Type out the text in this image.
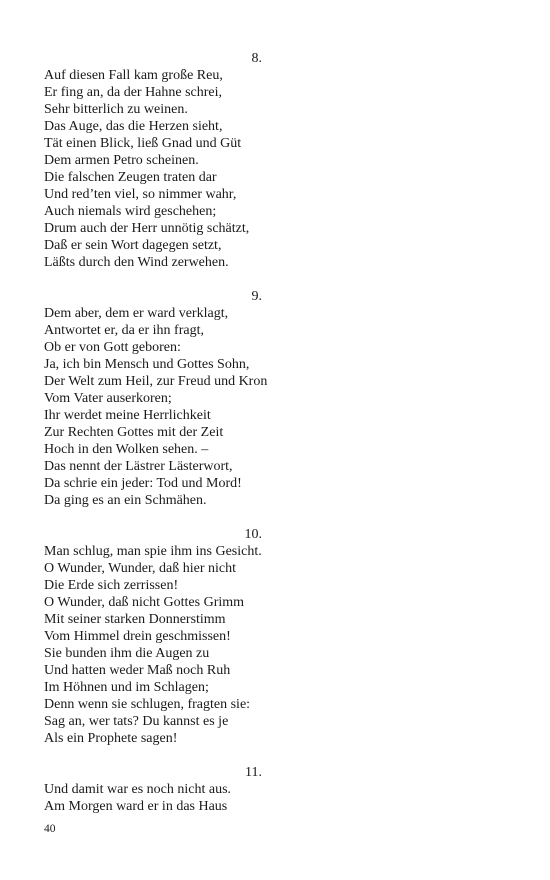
8.
Auf diesen Fall kam große Reu,
Er fing an, da der Hahne schrei,
Sehr bitterlich zu weinen.
Das Auge, das die Herzen sieht,
Tät einen Blick, ließ Gnad und Güt
Dem armen Petro scheinen.
Die falschen Zeugen traten dar
Und red’ten viel, so nimmer wahr,
Auch niemals wird geschehen;
Drum auch der Herr unnötig schätzt,
Daß er sein Wort dagegen setzt,
Läßts durch den Wind zerwehen.
9.
Dem aber, dem er ward verklagt,
Antwortet er, da er ihn fragt,
Ob er von Gott geboren:
Ja, ich bin Mensch und Gottes Sohn,
Der Welt zum Heil, zur Freud und Kron
Vom Vater auserkoren;
Ihr werdet meine Herrlichkeit
Zur Rechten Gottes mit der Zeit
Hoch in den Wolken sehen. –
Das nennt der Lästrer Lästerwort,
Da schrie ein jeder: Tod und Mord!
Da ging es an ein Schmähen.
10.
Man schlug, man spie ihm ins Gesicht.
O Wunder, Wunder, daß hier nicht
Die Erde sich zerrissen!
O Wunder, daß nicht Gottes Grimm
Mit seiner starken Donnerstimm
Vom Himmel drein geschmissen!
Sie bunden ihm die Augen zu
Und hatten weder Maß noch Ruh
Im Höhnen und im Schlagen;
Denn wenn sie schlugen, fragten sie:
Sag an, wer tats? Du kannst es je
Als ein Prophete sagen!
11.
Und damit war es noch nicht aus.
Am Morgen ward er in das Haus
40
